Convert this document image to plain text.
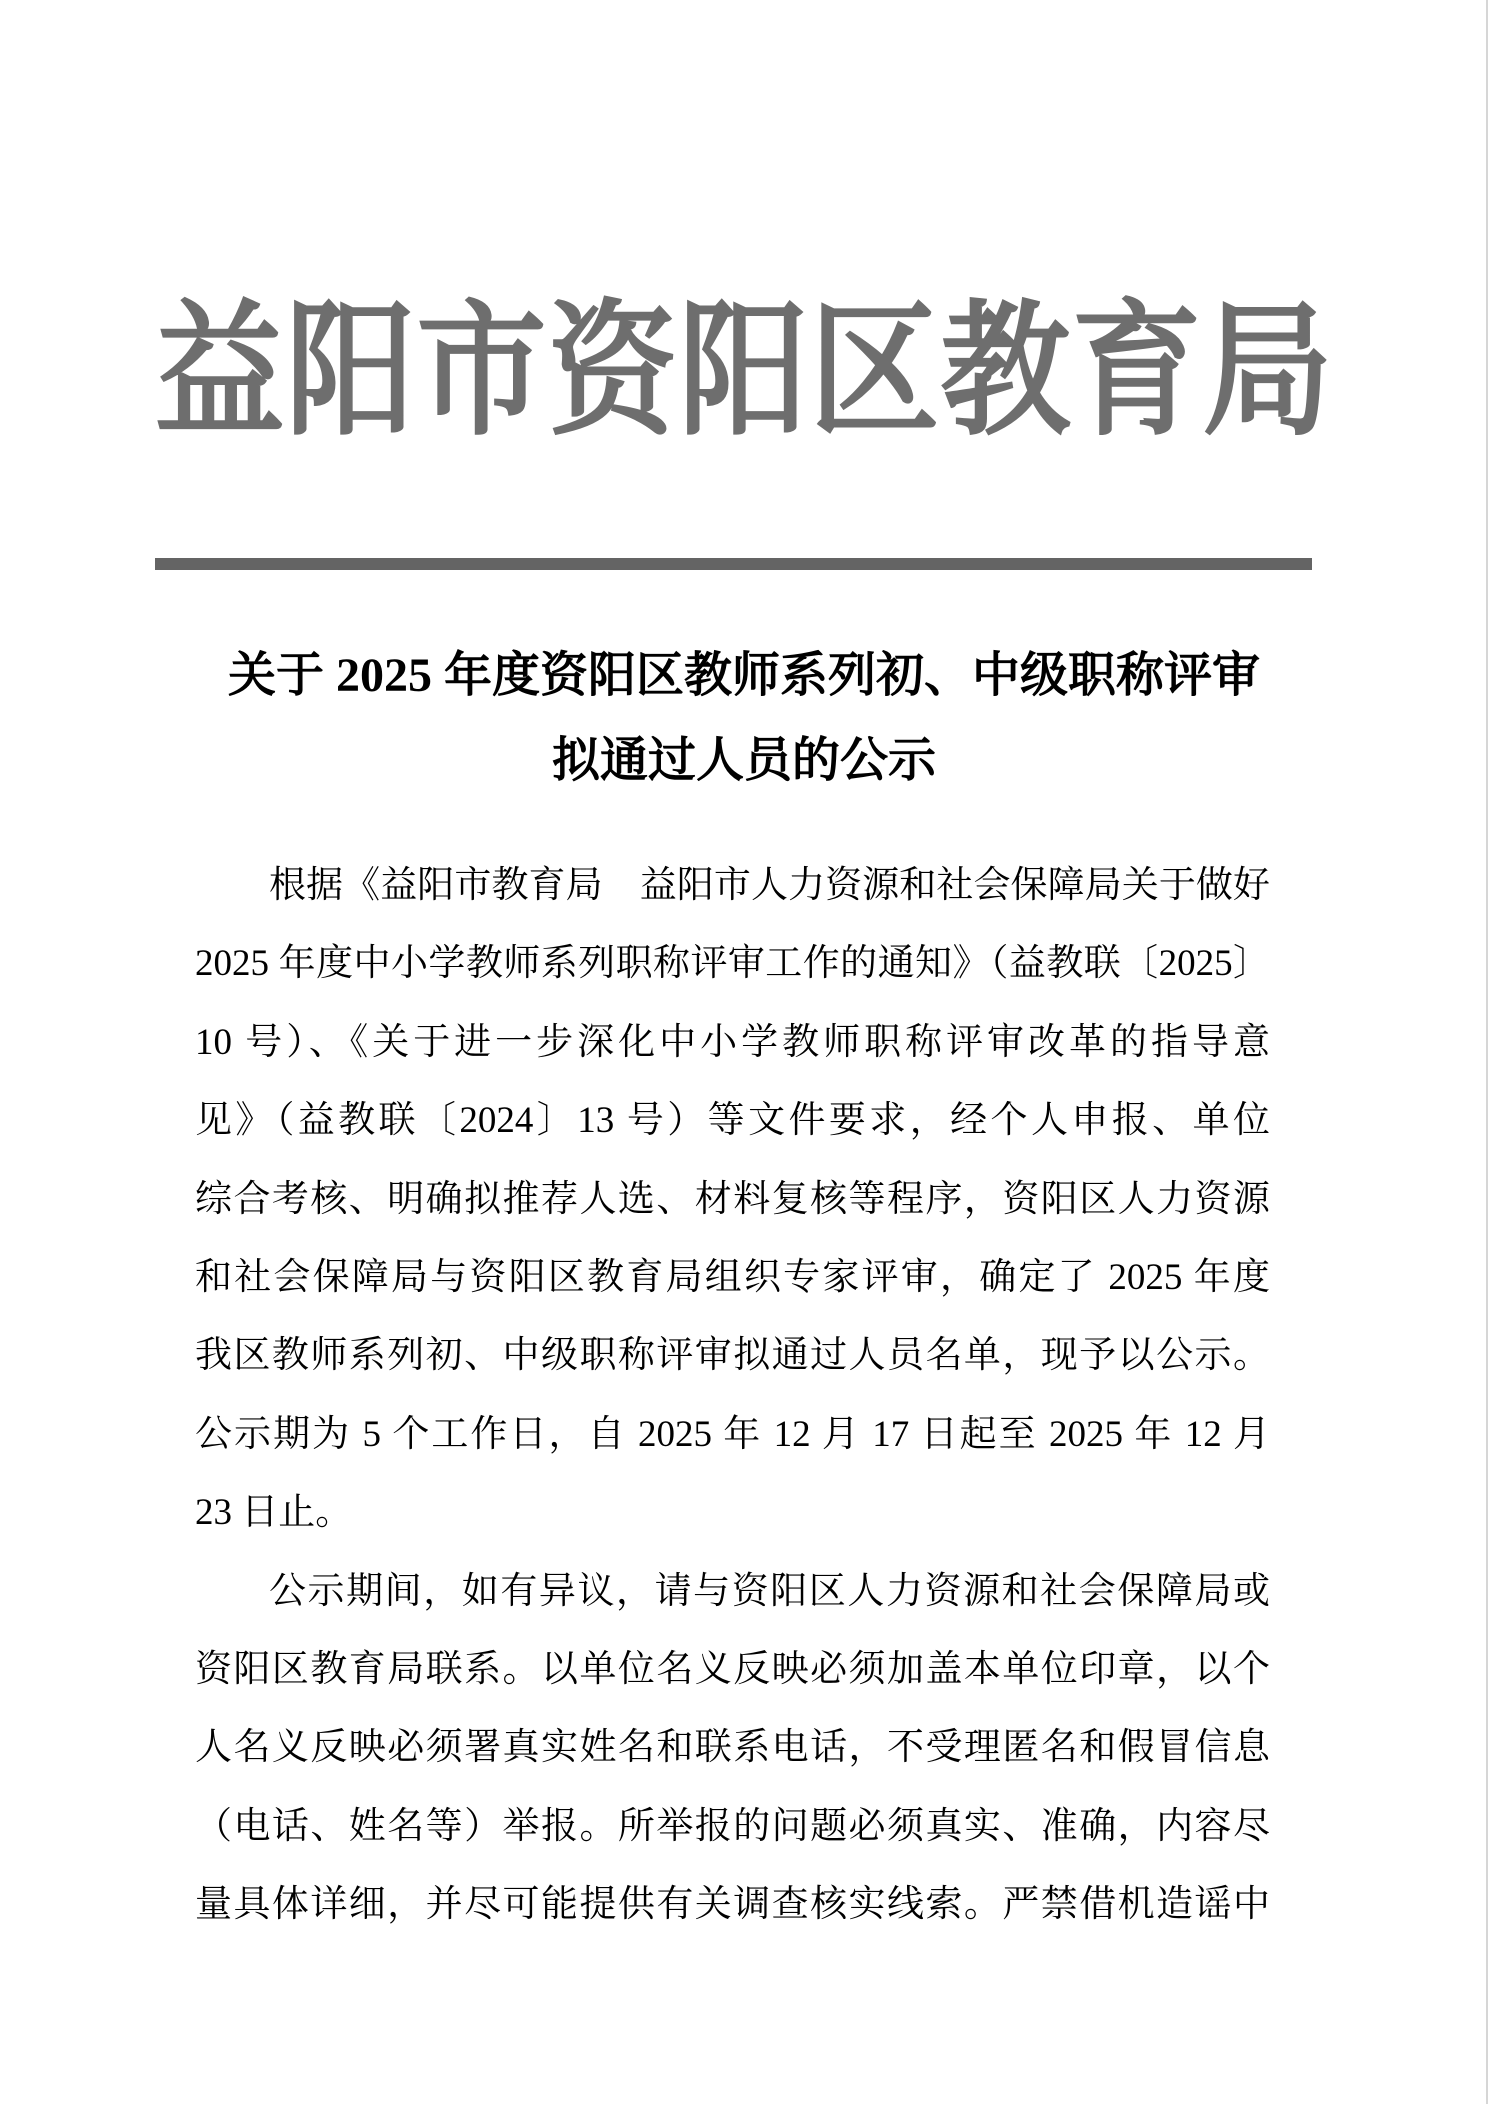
益阳市资阳区教育局
关于 2025 年度资阳区教师系列初、中级职称评审
拟通过人员的公示
根据《益阳市教育局　益阳市人力资源和社会保障局关于做好
2025 年度中小学教师系列职称评审工作的通知》（益教联〔2025〕
10 号）、《关于进一步深化中小学教师职称评审改革的指导意
见》（益教联〔2024〕13 号）等文件要求，经个人申报、单位
综合考核、明确拟推荐人选、材料复核等程序，资阳区人力资源
和社会保障局与资阳区教育局组织专家评审，确定了 2025 年度
我区教师系列初、中级职称评审拟通过人员名单，现予以公示。
公示期为 5 个工作日，自 2025 年 12 月 17 日起至 2025 年 12 月
23 日止。
公示期间，如有异议，请与资阳区人力资源和社会保障局或
资阳区教育局联系。以单位名义反映必须加盖本单位印章，以个
人名义反映必须署真实姓名和联系电话，不受理匿名和假冒信息
（电话、姓名等）举报。所举报的问题必须真实、准确，内容尽
量具体详细，并尽可能提供有关调查核实线索。严禁借机造谣中
